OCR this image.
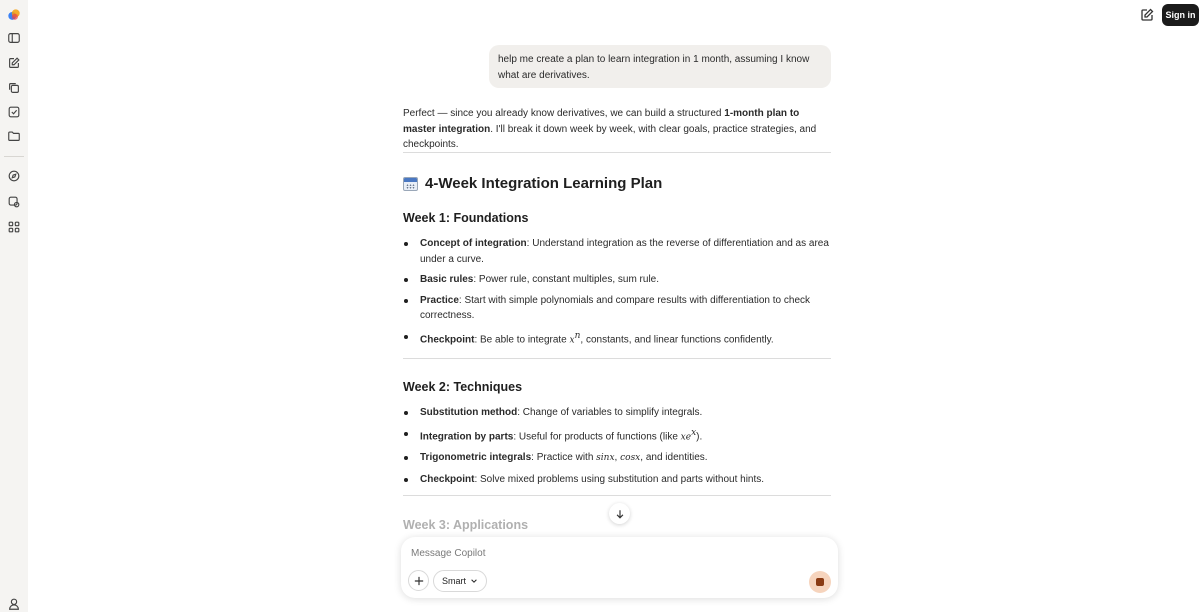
Sign in
help me create a plan to learn integration in 1 month, assuming I know what are derivatives.
Perfect — since you already know derivatives, we can build a structured 1-month plan to master integration. I'll break it down week by week, with clear goals, practice strategies, and checkpoints.
4-Week Integration Learning Plan
Week 1: Foundations
Concept of integration: Understand integration as the reverse of differentiation and as area under a curve.
Basic rules: Power rule, constant multiples, sum rule.
Practice: Start with simple polynomials and compare results with differentiation to check correctness.
Checkpoint: Be able to integrate $x^n$, constants, and linear functions confidently.
Week 2: Techniques
Substitution method: Change of variables to simplify integrals.
Integration by parts: Useful for products of functions (like $xe^x$).
Trigonometric integrals: Practice with sinx, cosx, and identities.
Checkpoint: Solve mixed problems using substitution and parts without hints.
Week 3: Applications
Message Copilot
Smart
